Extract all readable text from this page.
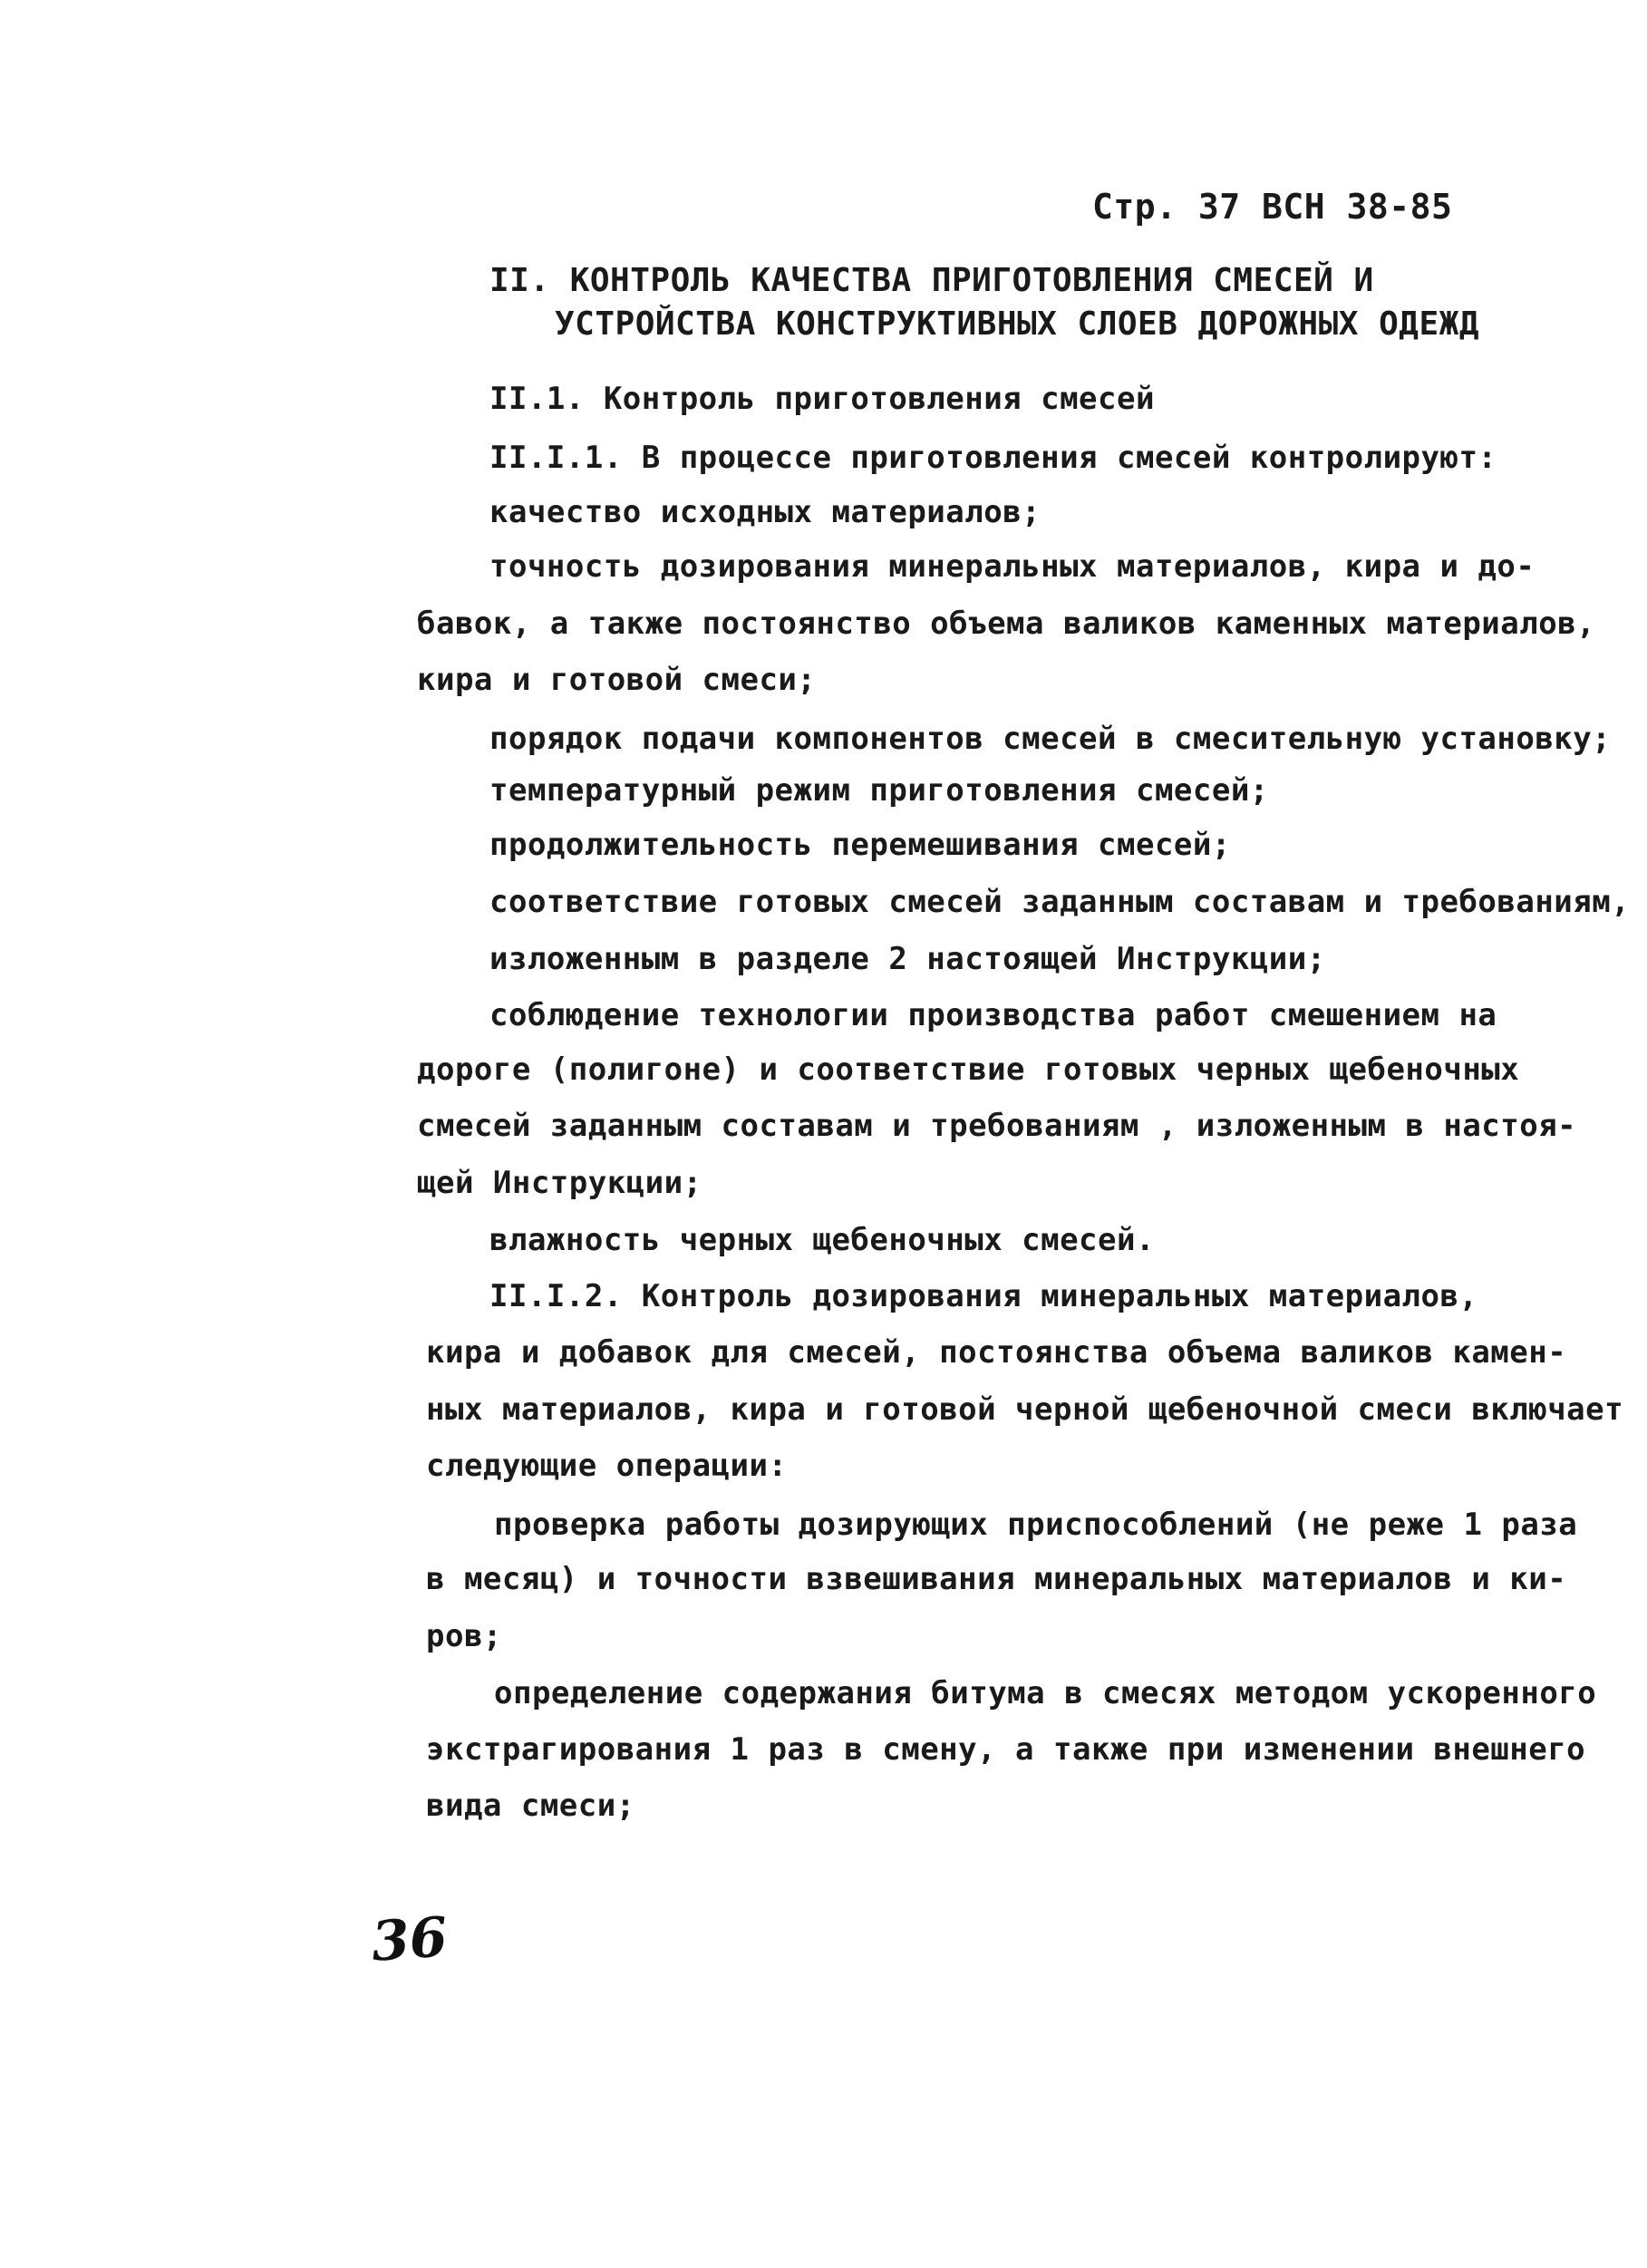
Стр. 37 ВСН 38-85
II. КОНТРОЛЬ КАЧЕСТВА ПРИГОТОВЛЕНИЯ СМЕСЕЙ И
УСТРОЙСТВА КОНСТРУКТИВНЫХ СЛОЕВ ДОРОЖНЫХ ОДЕЖД
II.1. Контроль приготовления смесей
II.I.1. В процессе приготовления смесей контролируют:
качество исходных материалов;
точность дозирования минеральных материалов, кира и до-
бавок, а также постоянство объема валиков каменных материалов,
кира и готовой смеси;
порядок подачи компонентов смесей в смесительную установку;
температурный режим приготовления смесей;
продолжительность перемешивания смесей;
соответствие готовых смесей заданным составам и требованиям,
изложенным в разделе 2 настоящей Инструкции;
соблюдение технологии производства работ смешением на
дороге (полигоне) и соответствие готовых черных щебеночных
смесей заданным составам и требованиям , изложенным в настоя-
щей Инструкции;
влажность черных щебеночных смесей.
II.I.2. Контроль дозирования минеральных материалов,
кира и добавок для смесей, постоянства объема валиков камен-
ных материалов, кира и готовой черной щебеночной смеси включает
следующие операции:
проверка работы дозирующих приспособлений (не реже 1 раза
в месяц) и точности взвешивания минеральных материалов и ки-
ров;
определение содержания битума в смесях методом ускоренного
экстрагирования 1 раз в смену, а также при изменении внешнего
вида смеси;
36
